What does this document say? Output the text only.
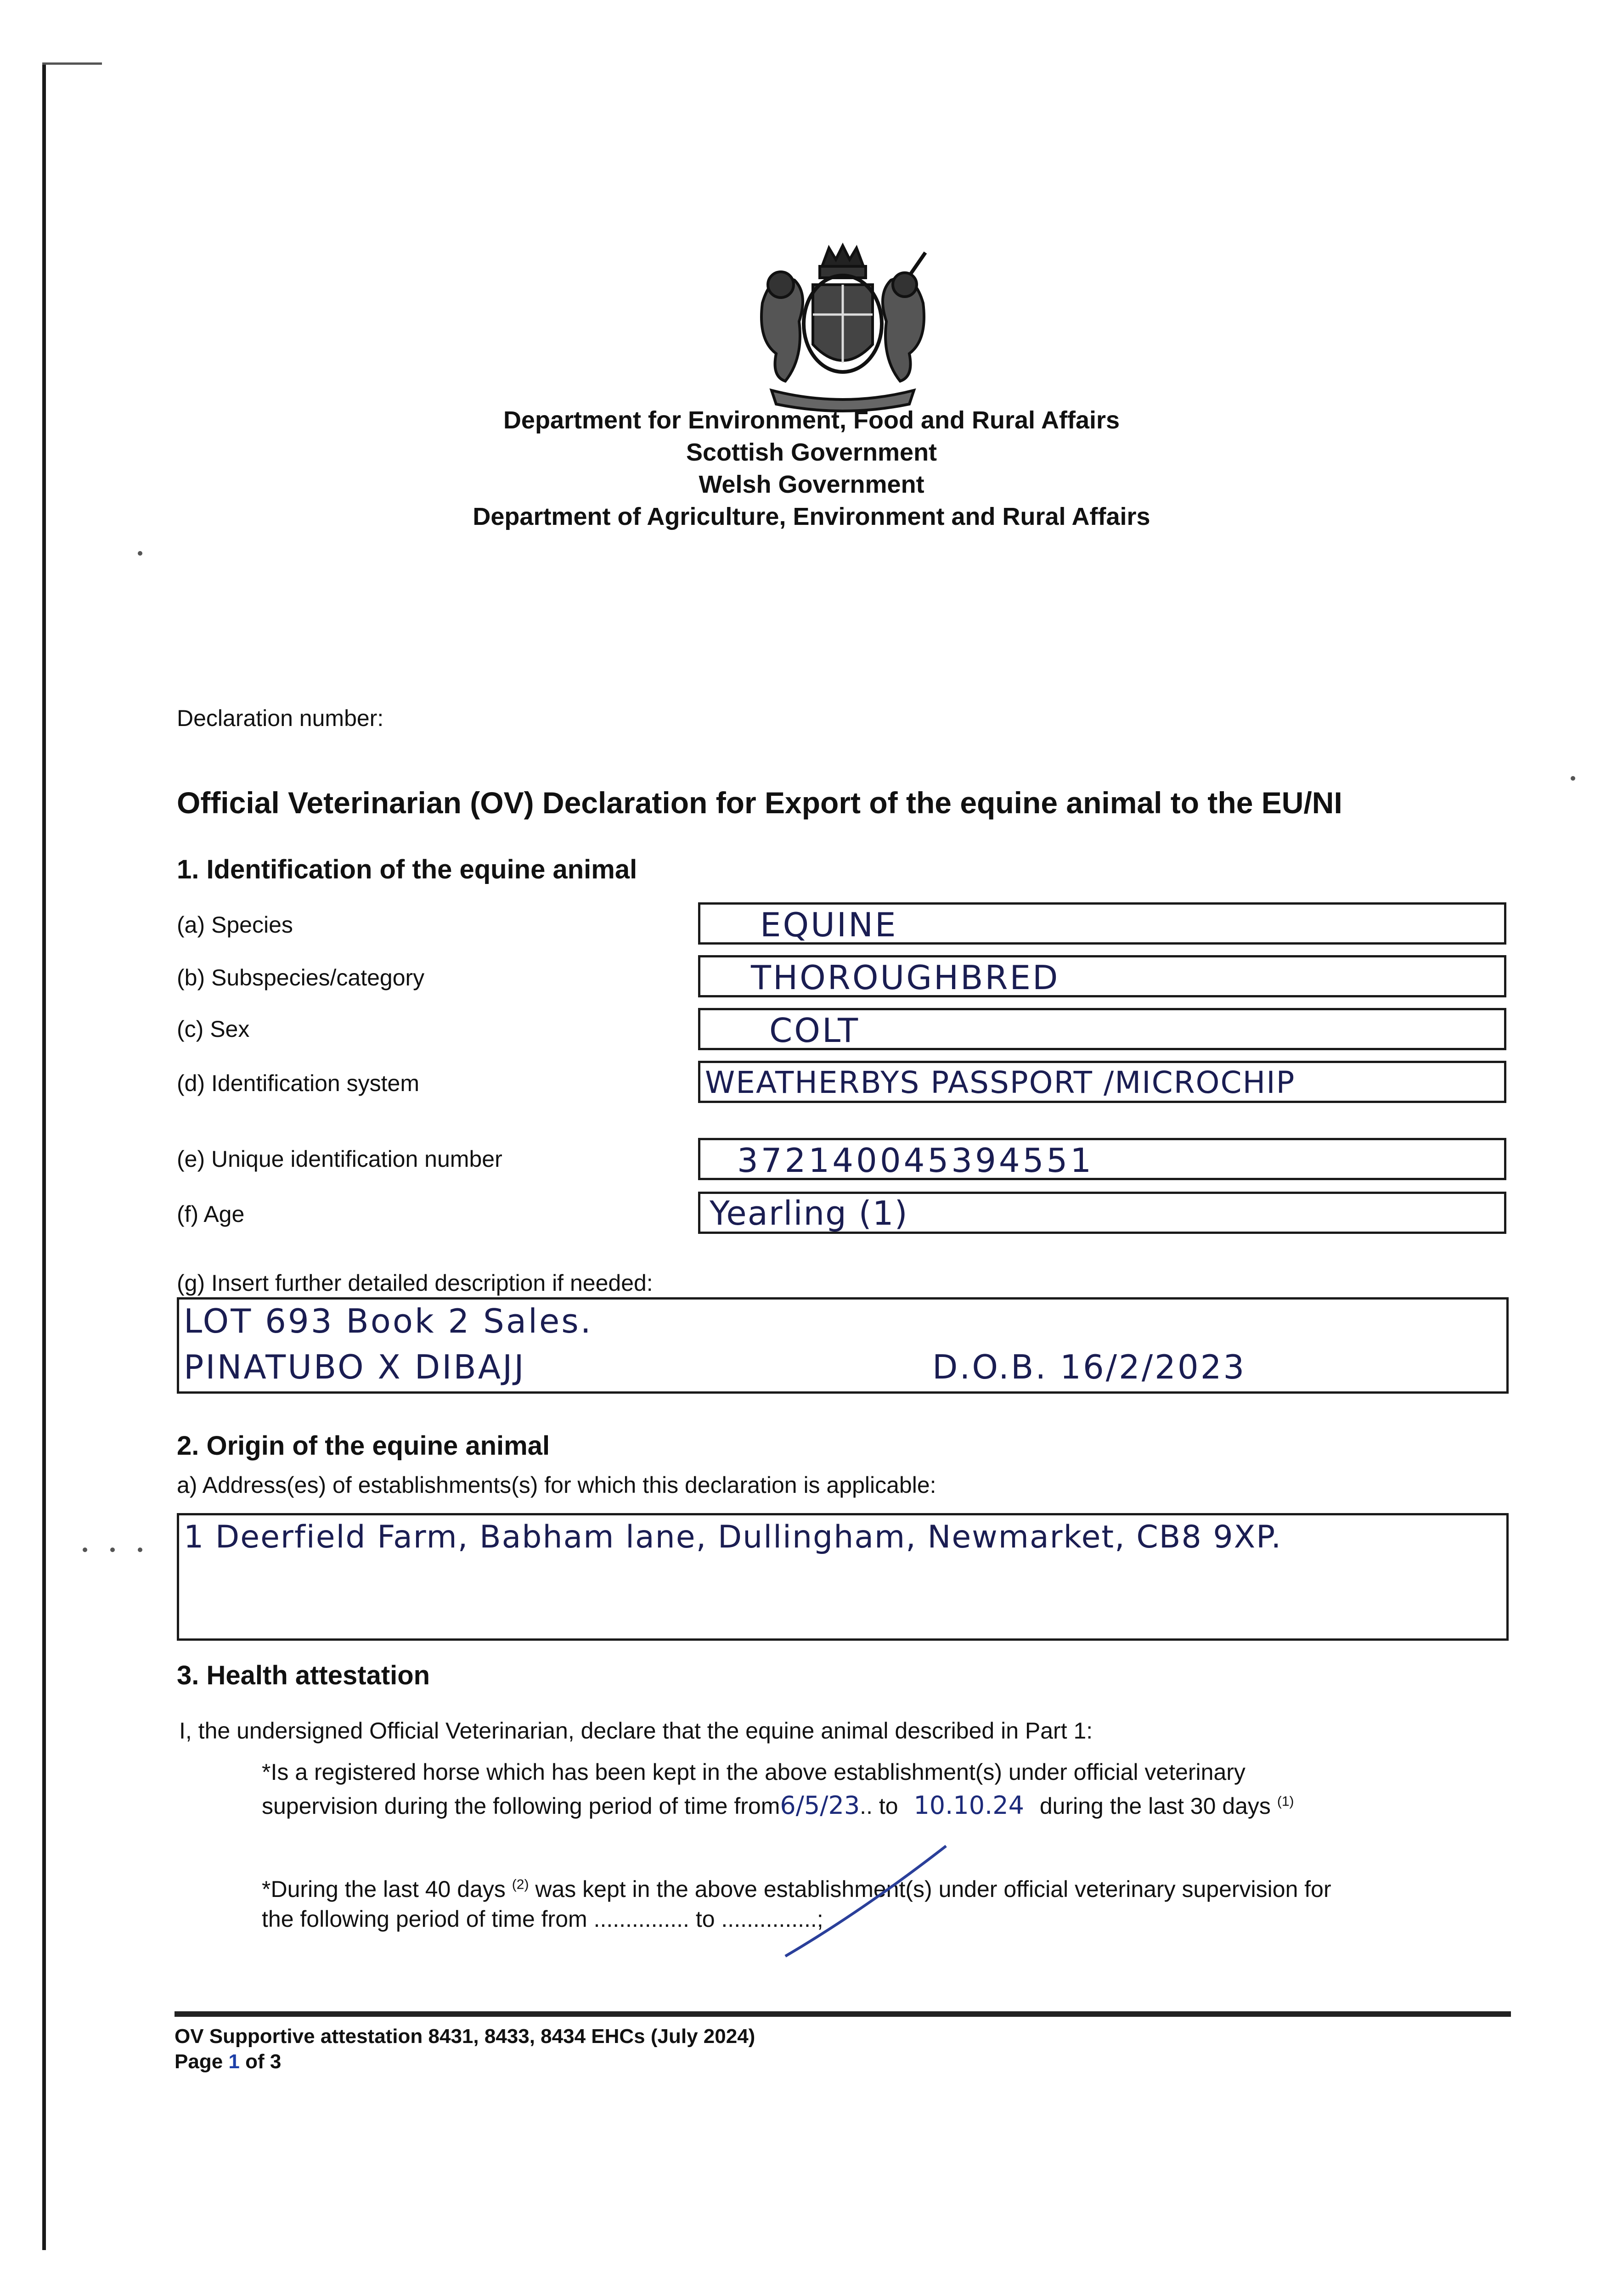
Department for Environment, Food and Rural Affairs
Scottish Government
Welsh Government
Department of Agriculture, Environment and Rural Affairs
Declaration number:
Official Veterinarian (OV) Declaration for Export of the equine animal to the EU/NI
1. Identification of the equine animal
(a) Species	EQUINE
(b) Subspecies/category	THOROUGHBRED
(c) Sex	COLT
(d) Identification system	WEATHERBYS PASSPORT /MICROCHIP
(e) Unique identification number	372140045394551
(f) Age	Yearling (1)
(g) Insert further detailed description if needed:
LOT 693 Book 2 Sales.
PINATUBO X DIBAJJ	D.O.B. 16/2/2023
2. Origin of the equine animal
a) Address(es) of establishments(s) for which this declaration is applicable:
1 Deerfield Farm, Babham lane, Dullingham, Newmarket, CB8 9XP.
3. Health attestation
I, the undersigned Official Veterinarian, declare that the equine animal described in Part 1:
*Is a registered horse which has been kept in the above establishment(s) under official veterinary
supervision during the following period of time from6/5/23.. to 10.10.24 during the last 30 days $^{(1)}$
*During the last 40 days $^{(2)}$ was kept in the above establishment(s) under official veterinary supervision for
the following period of time from ............... to ...............;
OV Supportive attestation 8431, 8433, 8434 EHCs (July 2024)
Page 1 of 3
